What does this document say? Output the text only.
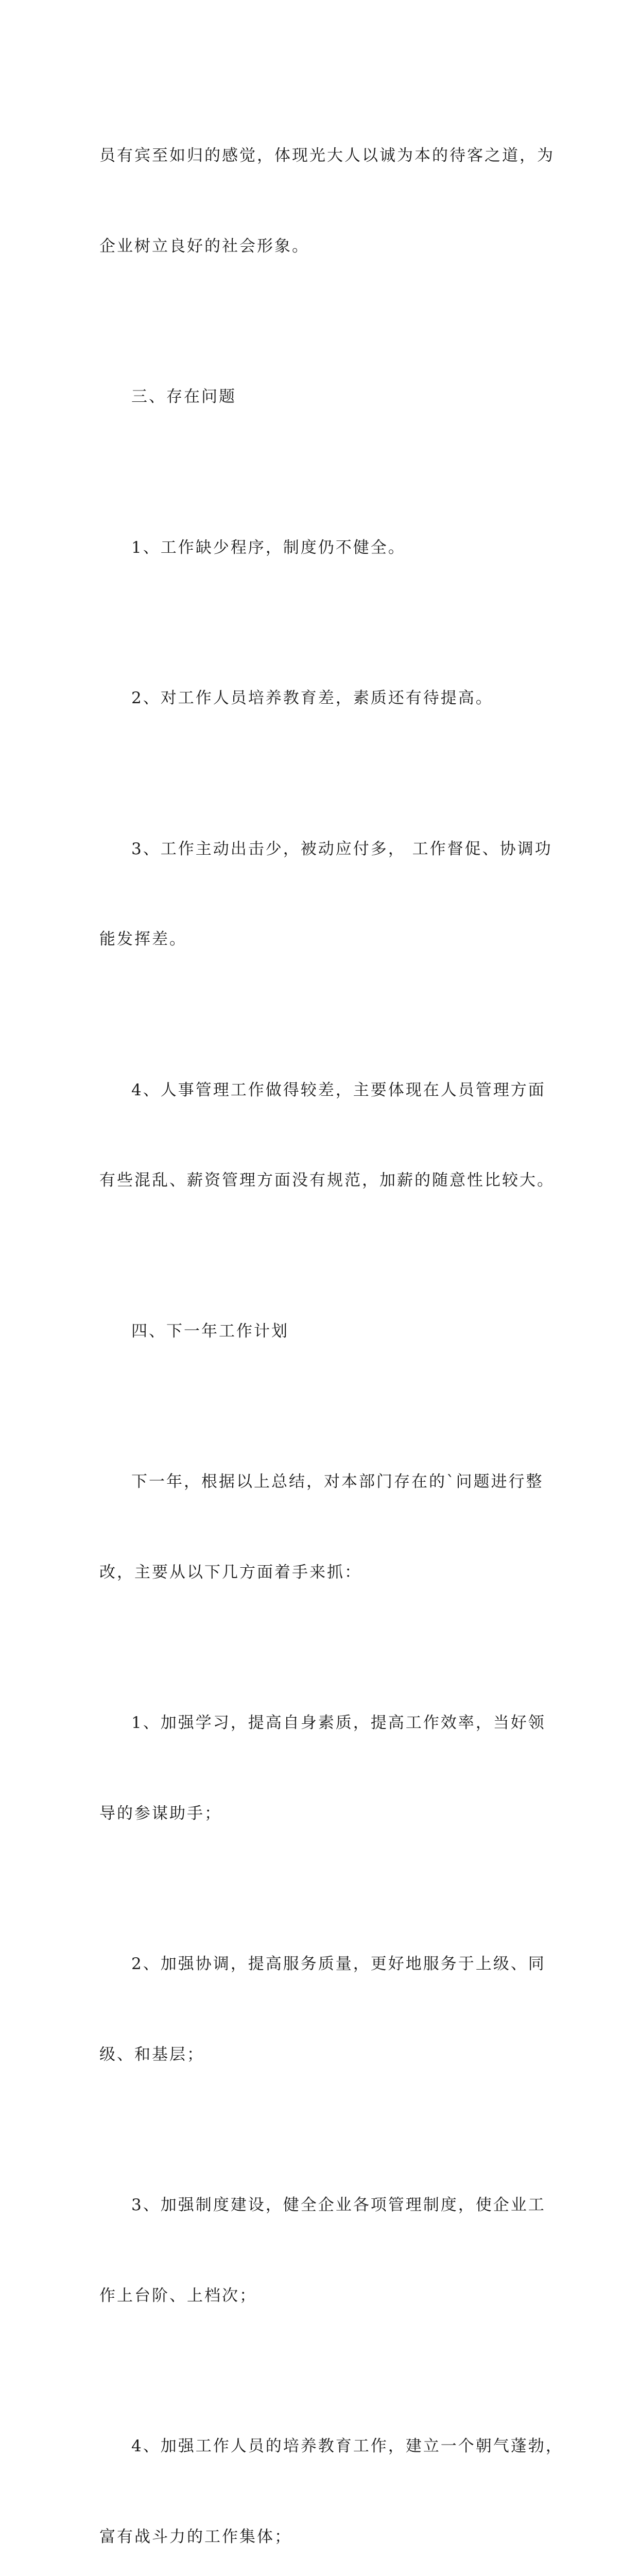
员有宾至如归的感觉，体现光大人以诚为本的待客之道，为

企业树立良好的社会形象。

三、存在问题

1、工作缺少程序，制度仍不健全。

2、对工作人员培养教育差，素质还有待提高。

3、工作主动出击少，被动应付多， 工作督促、协调功

能发挥差。

4、人事管理工作做得较差，主要体现在人员管理方面

有些混乱、薪资管理方面没有规范，加薪的随意性比较大。

四、下一年工作计划

下一年，根据以上总结，对本部门存在的`问题进行整

改，主要从以下几方面着手来抓：

1、加强学习，提高自身素质，提高工作效率，当好领

导的参谋助手；

2、加强协调，提高服务质量，更好地服务于上级、同

级、和基层；

3、加强制度建设，健全企业各项管理制度，使企业工

作上台阶、上档次；

4、加强工作人员的培养教育工作，建立一个朝气蓬勃，

富有战斗力的工作集体；
